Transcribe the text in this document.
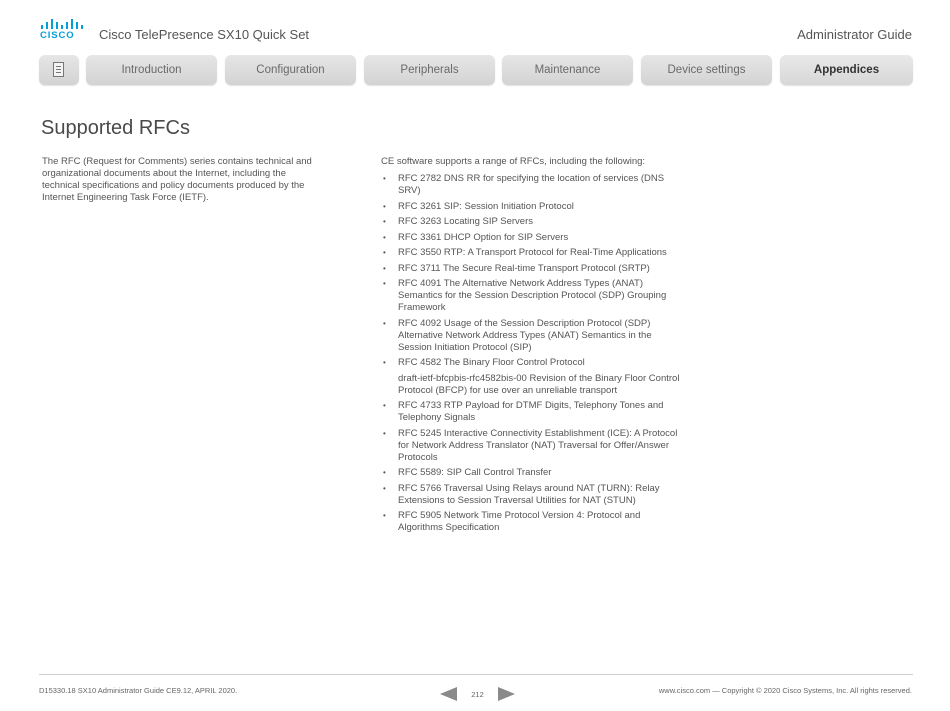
CISCO Cisco TelePresence SX10 Quick Set	Administrator Guide
Introduction	Configuration	Peripherals	Maintenance	Device settings	Appendices
Supported RFCs

The RFC (Request for Comments) series contains technical and organizational documents about the Internet, including the technical specifications and policy documents produced by the Internet Engineering Task Force (IETF).

CE software supports a range of RFCs, including the following:

• RFC 2782 DNS RR for specifying the location of services (DNS SRV)
• RFC 3261 SIP: Session Initiation Protocol
• RFC 3263 Locating SIP Servers
• RFC 3361 DHCP Option for SIP Servers
• RFC 3550 RTP: A Transport Protocol for Real-Time Applications
• RFC 3711 The Secure Real-time Transport Protocol (SRTP)
• RFC 4091 The Alternative Network Address Types (ANAT) Semantics for the Session Description Protocol (SDP) Grouping Framework
• RFC 4092 Usage of the Session Description Protocol (SDP) Alternative Network Address Types (ANAT) Semantics in the Session Initiation Protocol (SIP)
• RFC 4582 The Binary Floor Control Protocol
draft-ietf-bfcpbis-rfc4582bis-00 Revision of the Binary Floor Control Protocol (BFCP) for use over an unreliable transport
• RFC 4733 RTP Payload for DTMF Digits, Telephony Tones and Telephony Signals
• RFC 5245 Interactive Connectivity Establishment (ICE): A Protocol for Network Address Translator (NAT) Traversal for Offer/Answer Protocols
• RFC 5589: SIP Call Control Transfer
• RFC 5766 Traversal Using Relays around NAT (TURN): Relay Extensions to Session Traversal Utilities for NAT (STUN)
• RFC 5905 Network Time Protocol Version 4: Protocol and Algorithms Specification
D15330.18 SX10 Administrator Guide CE9.12, APRIL 2020.	212	www.cisco.com — Copyright © 2020 Cisco Systems, Inc. All rights reserved.
